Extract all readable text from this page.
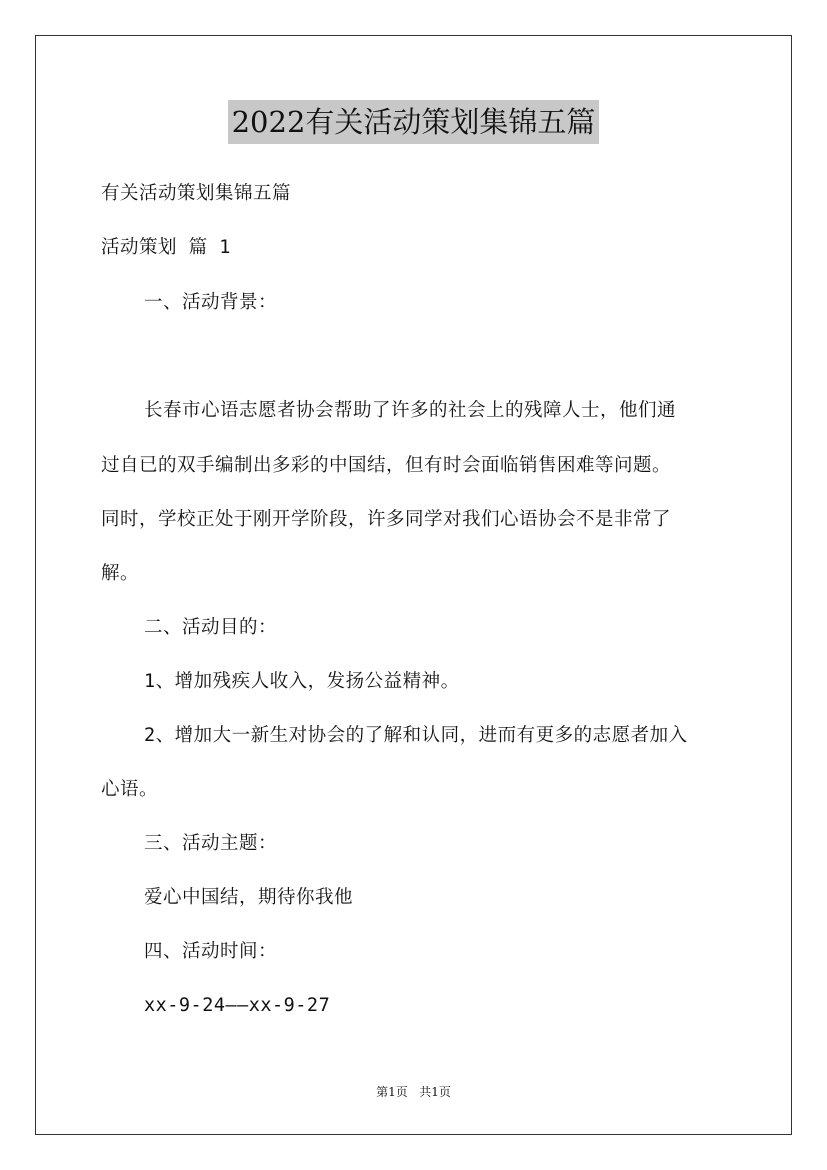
2022有关活动策划集锦五篇
有关活动策划集锦五篇
活动策划 篇 1
一、活动背景：
长春市心语志愿者协会帮助了许多的社会上的残障人士，他们通
过自已的双手编制出多彩的中国结，但有时会面临销售困难等问题。
同时，学校正处于刚开学阶段，许多同学对我们心语协会不是非常了
解。
二、活动目的：
1、增加残疾人收入，发扬公益精神。
2、增加大一新生对协会的了解和认同，进而有更多的志愿者加入
心语。
三、活动主题：
爱心中国结，期待你我他
四、活动时间：
xx-9-24——xx-9-27
第1页 共1页
